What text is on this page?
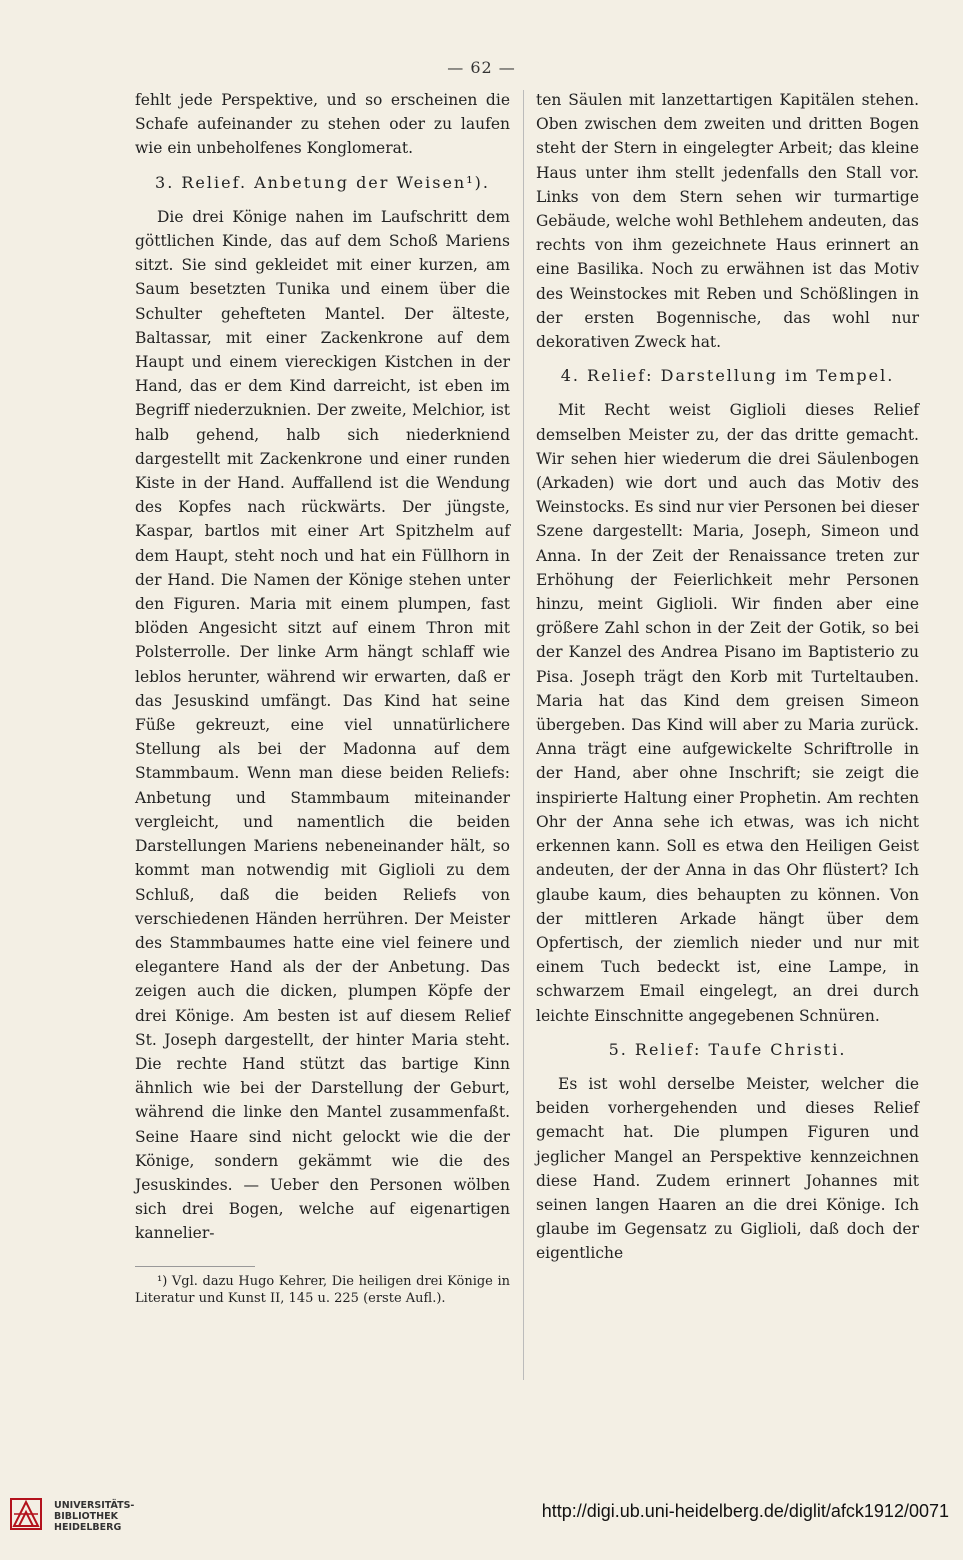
— 62 —

fehlt jede Perspektive, und so erscheinen die Schafe aufeinander zu stehen oder zu laufen wie ein unbeholfenes Konglomerat.

3. Relief. Anbetung der Weisen¹).

Die drei Könige nahen im Laufschritt dem göttlichen Kinde, das auf dem Schoß Mariens sitzt. Sie sind gekleidet mit einer kurzen, am Saum besetzten Tunika und einem über die Schulter gehefteten Mantel. Der älteste, Baltassar, mit einer Zackenkrone auf dem Haupt und einem viereckigen Kistchen in der Hand, das er dem Kind darreicht, ist eben im Begriff niederzuknien. Der zweite, Melchior, ist halb gehend, halb sich niederkniend dargestellt mit Zackenkrone und einer runden Kiste in der Hand. Auffallend ist die Wendung des Kopfes nach rückwärts. Der jüngste, Kaspar, bartlos mit einer Art Spitzhelm auf dem Haupt, steht noch und hat ein Füllhorn in der Hand. Die Namen der Könige stehen unter den Figuren. Maria mit einem plumpen, fast blöden Angesicht sitzt auf einem Thron mit Polsterrolle. Der linke Arm hängt schlaff wie leblos herunter, während wir erwarten, daß er das Jesuskind umfängt. Das Kind hat seine Füße gekreuzt, eine viel unnatürlichere Stellung als bei der Madonna auf dem Stammbaum. Wenn man diese beiden Reliefs: Anbetung und Stammbaum miteinander vergleicht, und namentlich die beiden Darstellungen Mariens nebeneinander hält, so kommt man notwendig mit Giglioli zu dem Schluß, daß die beiden Reliefs von verschiedenen Händen herrühren. Der Meister des Stammbaumes hatte eine viel feinere und elegantere Hand als der der Anbetung. Das zeigen auch die dicken, plumpen Köpfe der drei Könige. Am besten ist auf diesem Relief St. Joseph dargestellt, der hinter Maria steht. Die rechte Hand stützt das bartige Kinn ähnlich wie bei der Darstellung der Geburt, während die linke den Mantel zusammenfaßt. Seine Haare sind nicht gelockt wie die der Könige, sondern gekämmt wie die des Jesuskindes. — Ueber den Personen wölben sich drei Bogen, welche auf eigenartigen kannelier-

¹) Vgl. dazu Hugo Kehrer, Die heiligen drei Könige in Literatur und Kunst II, 145 u. 225 (erste Aufl.).

ten Säulen mit lanzettartigen Kapitälen stehen. Oben zwischen dem zweiten und dritten Bogen steht der Stern in eingelegter Arbeit; das kleine Haus unter ihm stellt jedenfalls den Stall vor. Links von dem Stern sehen wir turmartige Gebäude, welche wohl Bethlehem andeuten, das rechts von ihm gezeichnete Haus erinnert an eine Basilika. Noch zu erwähnen ist das Motiv des Weinstockes mit Reben und Schößlingen in der ersten Bogennische, das wohl nur dekorativen Zweck hat.

4. Relief: Darstellung im Tempel.

Mit Recht weist Giglioli dieses Relief demselben Meister zu, der das dritte gemacht. Wir sehen hier wiederum die drei Säulenbogen (Arkaden) wie dort und auch das Motiv des Weinstocks. Es sind nur vier Personen bei dieser Szene dargestellt: Maria, Joseph, Simeon und Anna. In der Zeit der Renaissance treten zur Erhöhung der Feierlichkeit mehr Personen hinzu, meint Giglioli. Wir finden aber eine größere Zahl schon in der Zeit der Gotik, so bei der Kanzel des Andrea Pisano im Baptisterio zu Pisa. Joseph trägt den Korb mit Turteltauben. Maria hat das Kind dem greisen Simeon übergeben. Das Kind will aber zu Maria zurück. Anna trägt eine aufgewickelte Schriftrolle in der Hand, aber ohne Inschrift; sie zeigt die inspirierte Haltung einer Prophetin. Am rechten Ohr der Anna sehe ich etwas, was ich nicht erkennen kann. Soll es etwa den Heiligen Geist andeuten, der der Anna in das Ohr flüstert? Ich glaube kaum, dies behaupten zu können. Von der mittleren Arkade hängt über dem Opfertisch, der ziemlich nieder und nur mit einem Tuch bedeckt ist, eine Lampe, in schwarzem Email eingelegt, an drei durch leichte Einschnitte angegebenen Schnüren.

5. Relief: Taufe Christi.

Es ist wohl derselbe Meister, welcher die beiden vorhergehenden und dieses Relief gemacht hat. Die plumpen Figuren und jeglicher Mangel an Perspektive kennzeichnen diese Hand. Zudem erinnert Johannes mit seinen langen Haaren an die drei Könige. Ich glaube im Gegensatz zu Giglioli, daß doch der eigentliche

UNIVERSITÄTS-
BIBLIOTHEK
HEIDELBERG
http://digi.ub.uni-heidelberg.de/diglit/afck1912/0071
